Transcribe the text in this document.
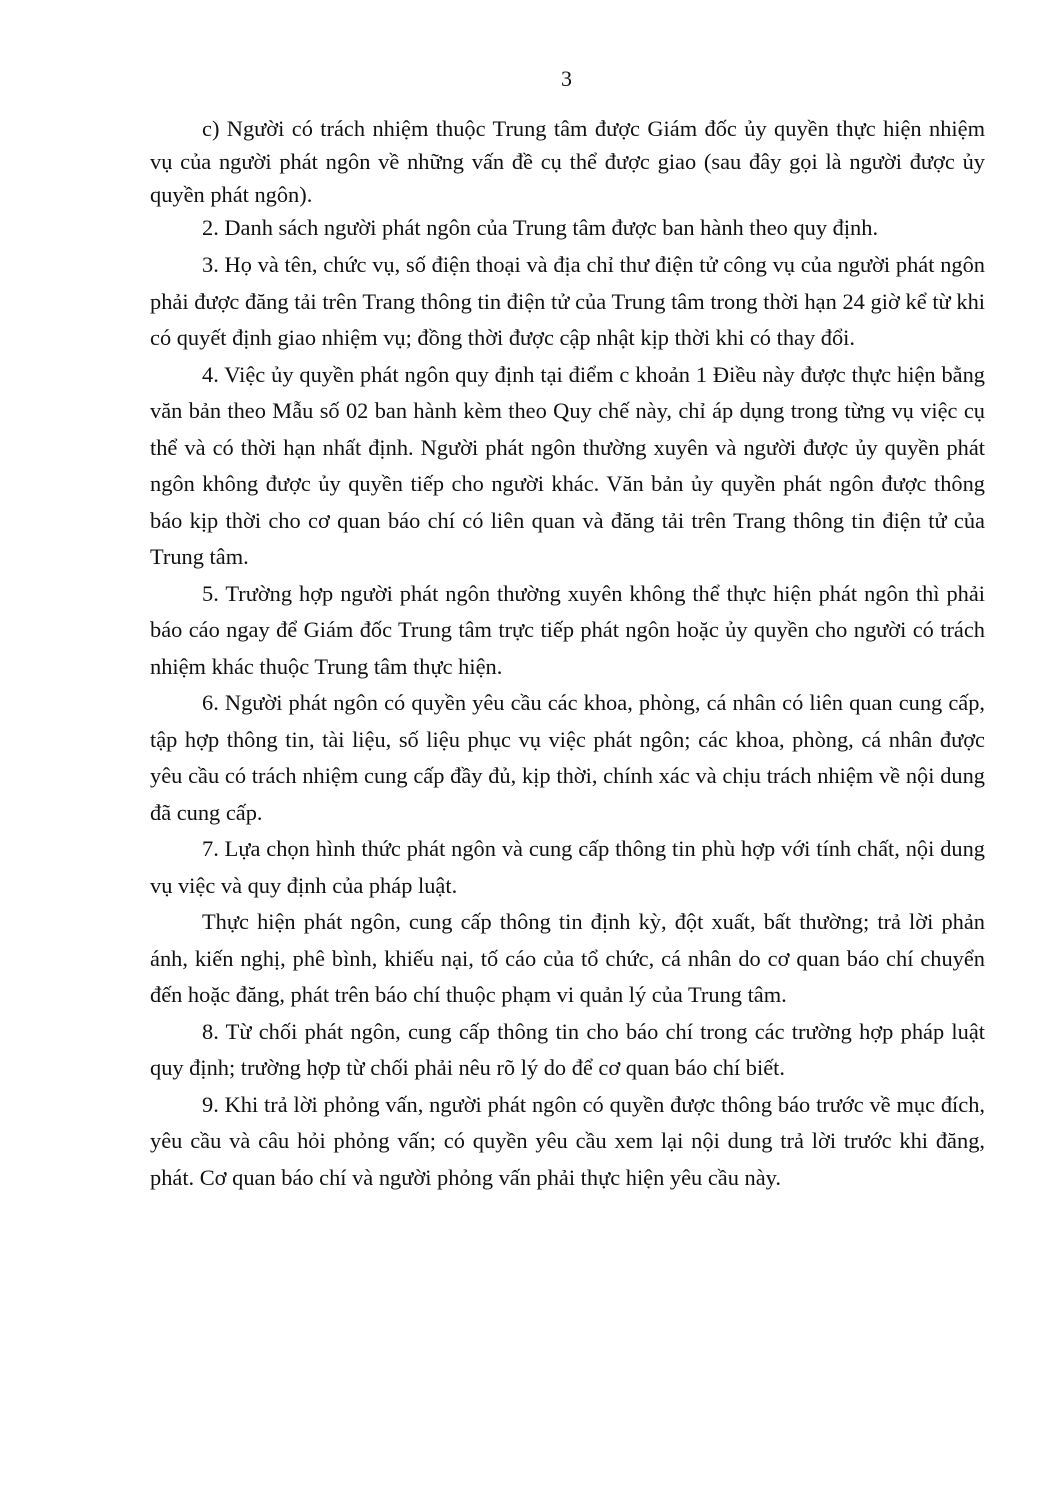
3

c) Người có trách nhiệm thuộc Trung tâm được Giám đốc ủy quyền thực hiện nhiệm vụ của người phát ngôn về những vấn đề cụ thể được giao (sau đây gọi là người được ủy quyền phát ngôn).

2. Danh sách người phát ngôn của Trung tâm được ban hành theo quy định.

3. Họ và tên, chức vụ, số điện thoại và địa chỉ thư điện tử công vụ của người phát ngôn phải được đăng tải trên Trang thông tin điện tử của Trung tâm trong thời hạn 24 giờ kể từ khi có quyết định giao nhiệm vụ; đồng thời được cập nhật kịp thời khi có thay đổi.

4. Việc ủy quyền phát ngôn quy định tại điểm c khoản 1 Điều này được thực hiện bằng văn bản theo Mẫu số 02 ban hành kèm theo Quy chế này, chỉ áp dụng trong từng vụ việc cụ thể và có thời hạn nhất định. Người phát ngôn thường xuyên và người được ủy quyền phát ngôn không được ủy quyền tiếp cho người khác. Văn bản ủy quyền phát ngôn được thông báo kịp thời cho cơ quan báo chí có liên quan và đăng tải trên Trang thông tin điện tử của Trung tâm.

5. Trường hợp người phát ngôn thường xuyên không thể thực hiện phát ngôn thì phải báo cáo ngay để Giám đốc Trung tâm trực tiếp phát ngôn hoặc ủy quyền cho người có trách nhiệm khác thuộc Trung tâm thực hiện.

6. Người phát ngôn có quyền yêu cầu các khoa, phòng, cá nhân có liên quan cung cấp, tập hợp thông tin, tài liệu, số liệu phục vụ việc phát ngôn; các khoa, phòng, cá nhân được yêu cầu có trách nhiệm cung cấp đầy đủ, kịp thời, chính xác và chịu trách nhiệm về nội dung đã cung cấp.

7. Lựa chọn hình thức phát ngôn và cung cấp thông tin phù hợp với tính chất, nội dung vụ việc và quy định của pháp luật.

Thực hiện phát ngôn, cung cấp thông tin định kỳ, đột xuất, bất thường; trả lời phản ánh, kiến nghị, phê bình, khiếu nại, tố cáo của tổ chức, cá nhân do cơ quan báo chí chuyển đến hoặc đăng, phát trên báo chí thuộc phạm vi quản lý của Trung tâm.

8. Từ chối phát ngôn, cung cấp thông tin cho báo chí trong các trường hợp pháp luật quy định; trường hợp từ chối phải nêu rõ lý do để cơ quan báo chí biết.

9. Khi trả lời phỏng vấn, người phát ngôn có quyền được thông báo trước về mục đích, yêu cầu và câu hỏi phỏng vấn; có quyền yêu cầu xem lại nội dung trả lời trước khi đăng, phát. Cơ quan báo chí và người phỏng vấn phải thực hiện yêu cầu này.
